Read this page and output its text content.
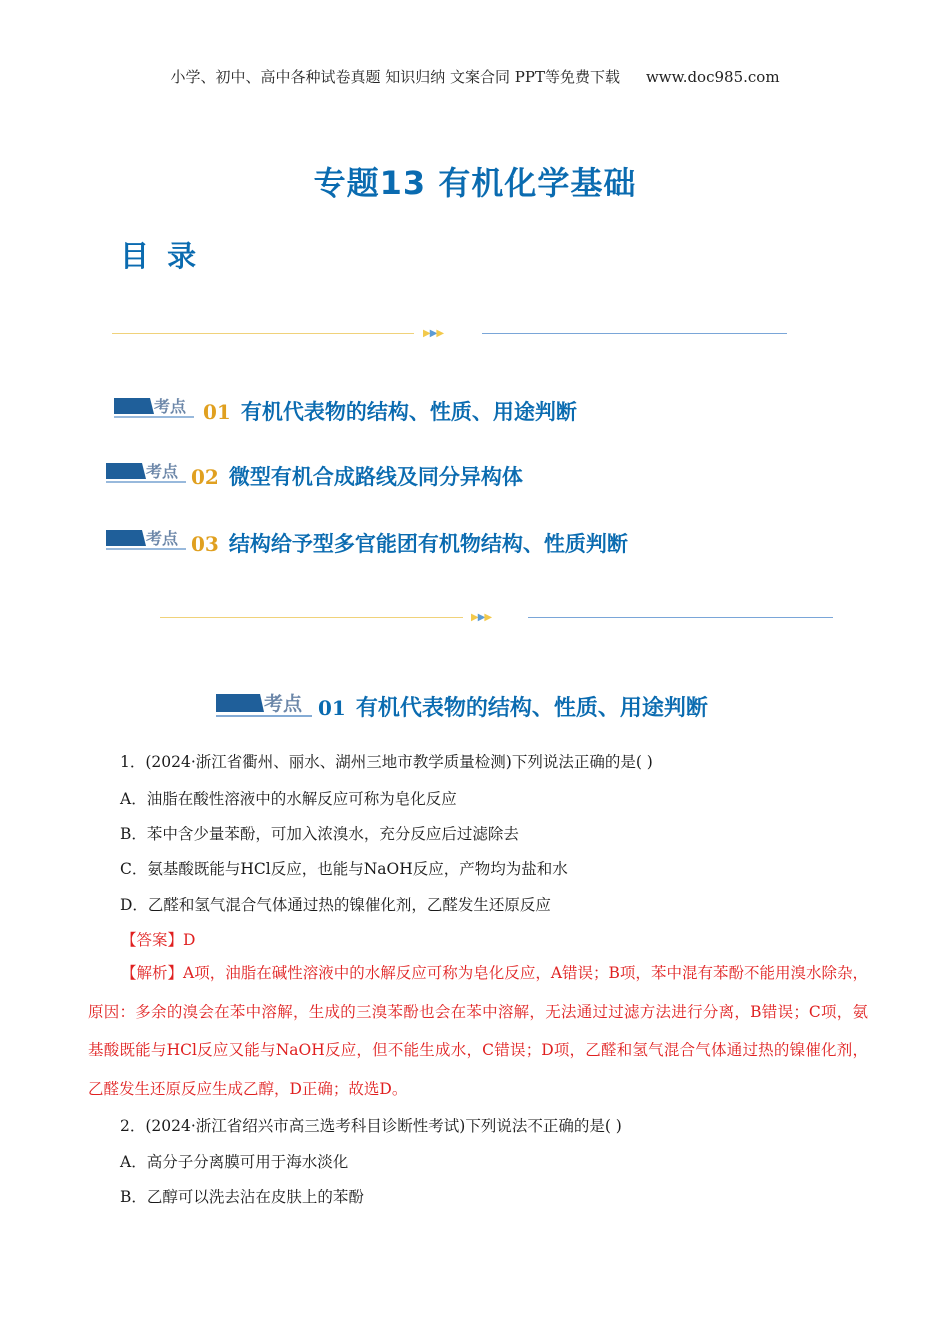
小学、初中、高中各种试卷真题 知识归纳 文案合同 PPT等免费下载 www.doc985.com
专题13 有机化学基础
目 录
▶▶▶
考点 01 有机代表物的结构、性质、用途判断
考点 02 微型有机合成路线及同分异构体
考点 03 结构给予型多官能团有机物结构、性质判断
▶▶▶
考点 01 有机代表物的结构、性质、用途判断
1．(2024·浙江省衢州、丽水、湖州三地市教学质量检测)下列说法正确的是( )
A．油脂在酸性溶液中的水解反应可称为皂化反应
B．苯中含少量苯酚，可加入浓溴水，充分反应后过滤除去
C．氨基酸既能与HCl反应，也能与NaOH反应，产物均为盐和水
D．乙醛和氢气混合气体通过热的镍催化剂，乙醛发生还原反应
【答案】D
【解析】A项，油脂在碱性溶液中的水解反应可称为皂化反应，A错误；B项，苯中混有苯酚不能用溴水除杂，原因：多余的溴会在苯中溶解，生成的三溴苯酚也会在苯中溶解，无法通过过滤方法进行分离，B错误；C项，氨基酸既能与HCl反应又能与NaOH反应，但不能生成水，C错误；D项，乙醛和氢气混合气体通过热的镍催化剂，乙醛发生还原反应生成乙醇，D正确；故选D。
2．(2024·浙江省绍兴市高三选考科目诊断性考试)下列说法不正确的是( )
A．高分子分离膜可用于海水淡化
B．乙醇可以洗去沾在皮肤上的苯酚
